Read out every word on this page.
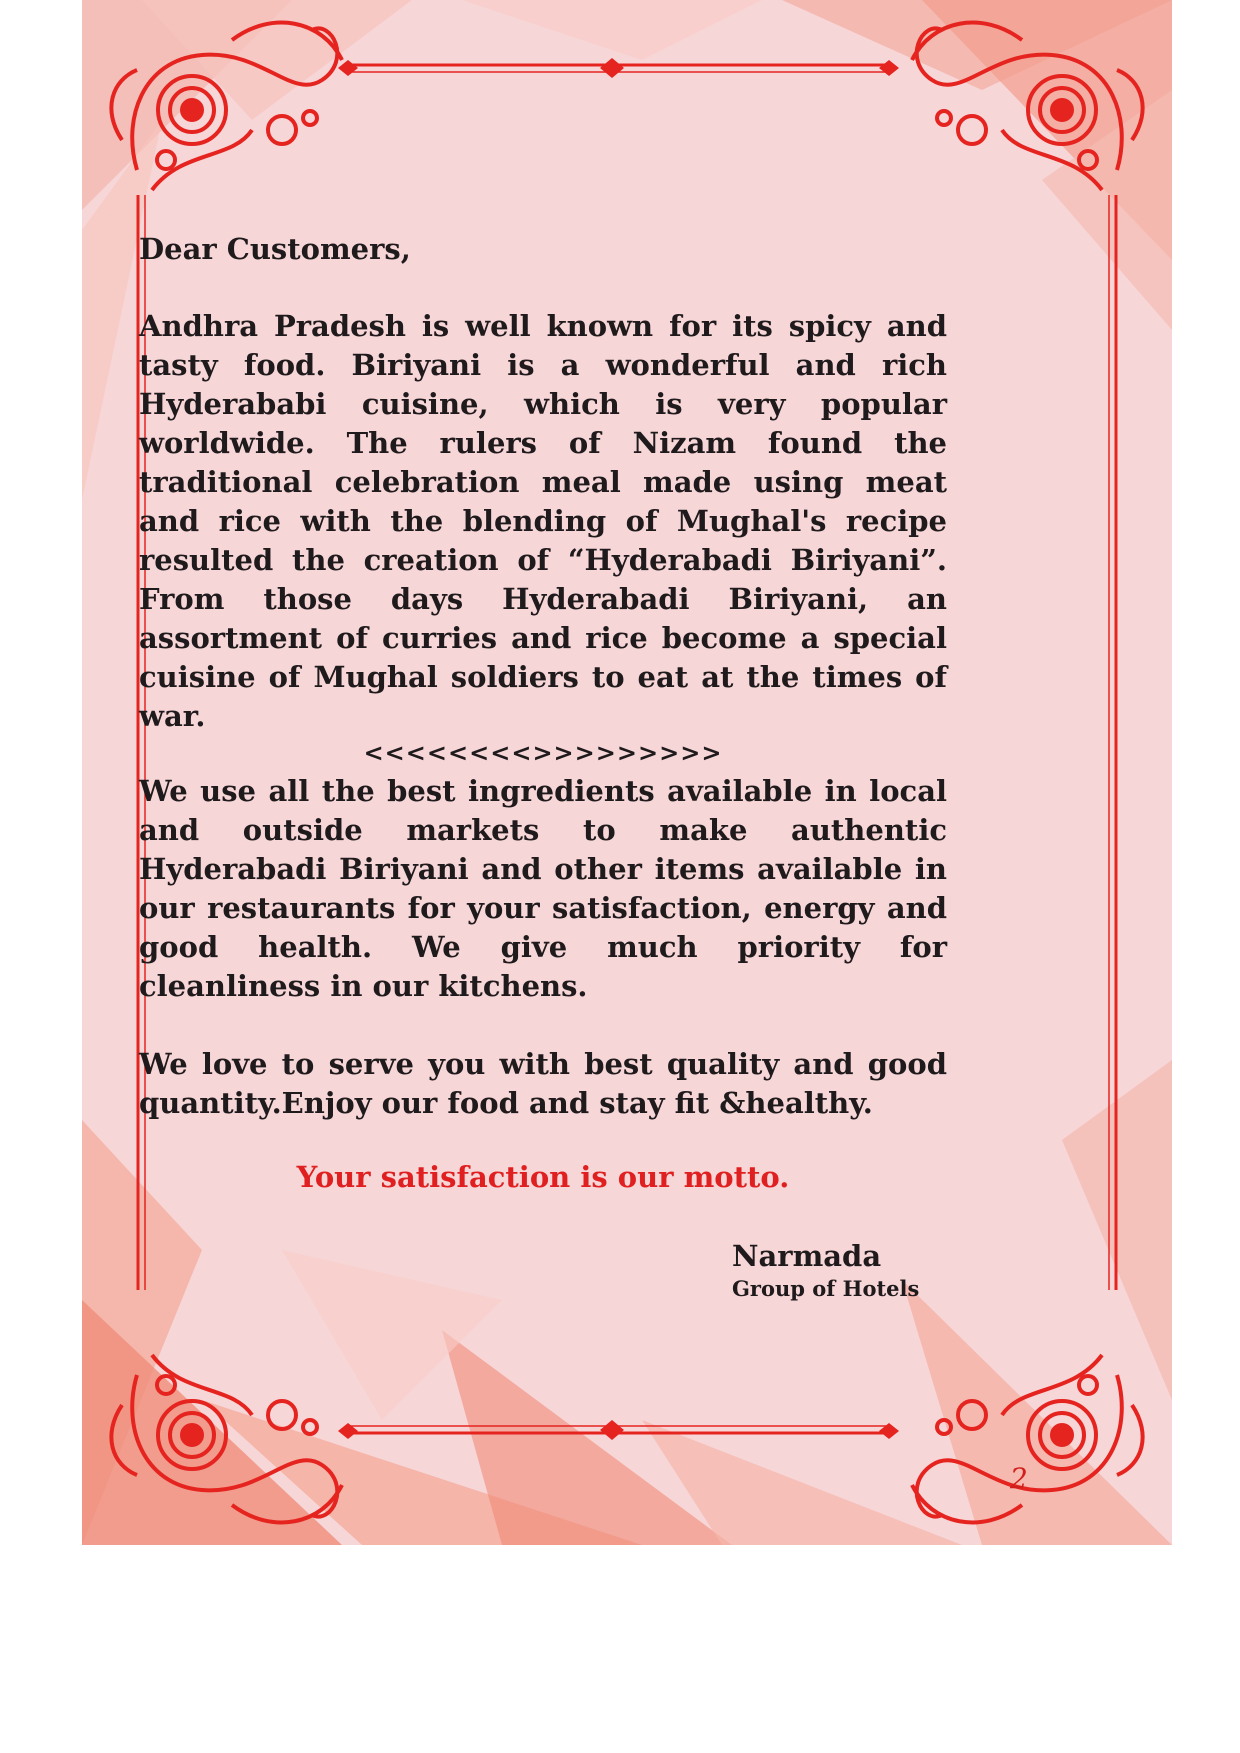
Dear Customers,

Andhra Pradesh is well known for its spicy and tasty food. Biriyani is a wonderful and rich Hyderababi cuisine, which is very popular worldwide. The rulers of Nizam found the traditional celebration meal made using meat and rice with the blending of Mughal's recipe resulted the creation of “Hyderabadi Biriyani”. From those days Hyderabadi Biriyani, an assortment of curries and rice become a special cuisine of Mughal soldiers to eat at the times of war.

<<<<<<<<>>>>>>>>>

We use all the best ingredients available in local and outside markets to make authentic Hyderabadi Biriyani and other items available in our restaurants for your satisfaction, energy and good health. We give much priority for cleanliness in our kitchens.

We love to serve you with best quality and good quantity.Enjoy our food and stay fit &healthy.

Your satisfaction is our motto.
Narmada
Group of Hotels
2
